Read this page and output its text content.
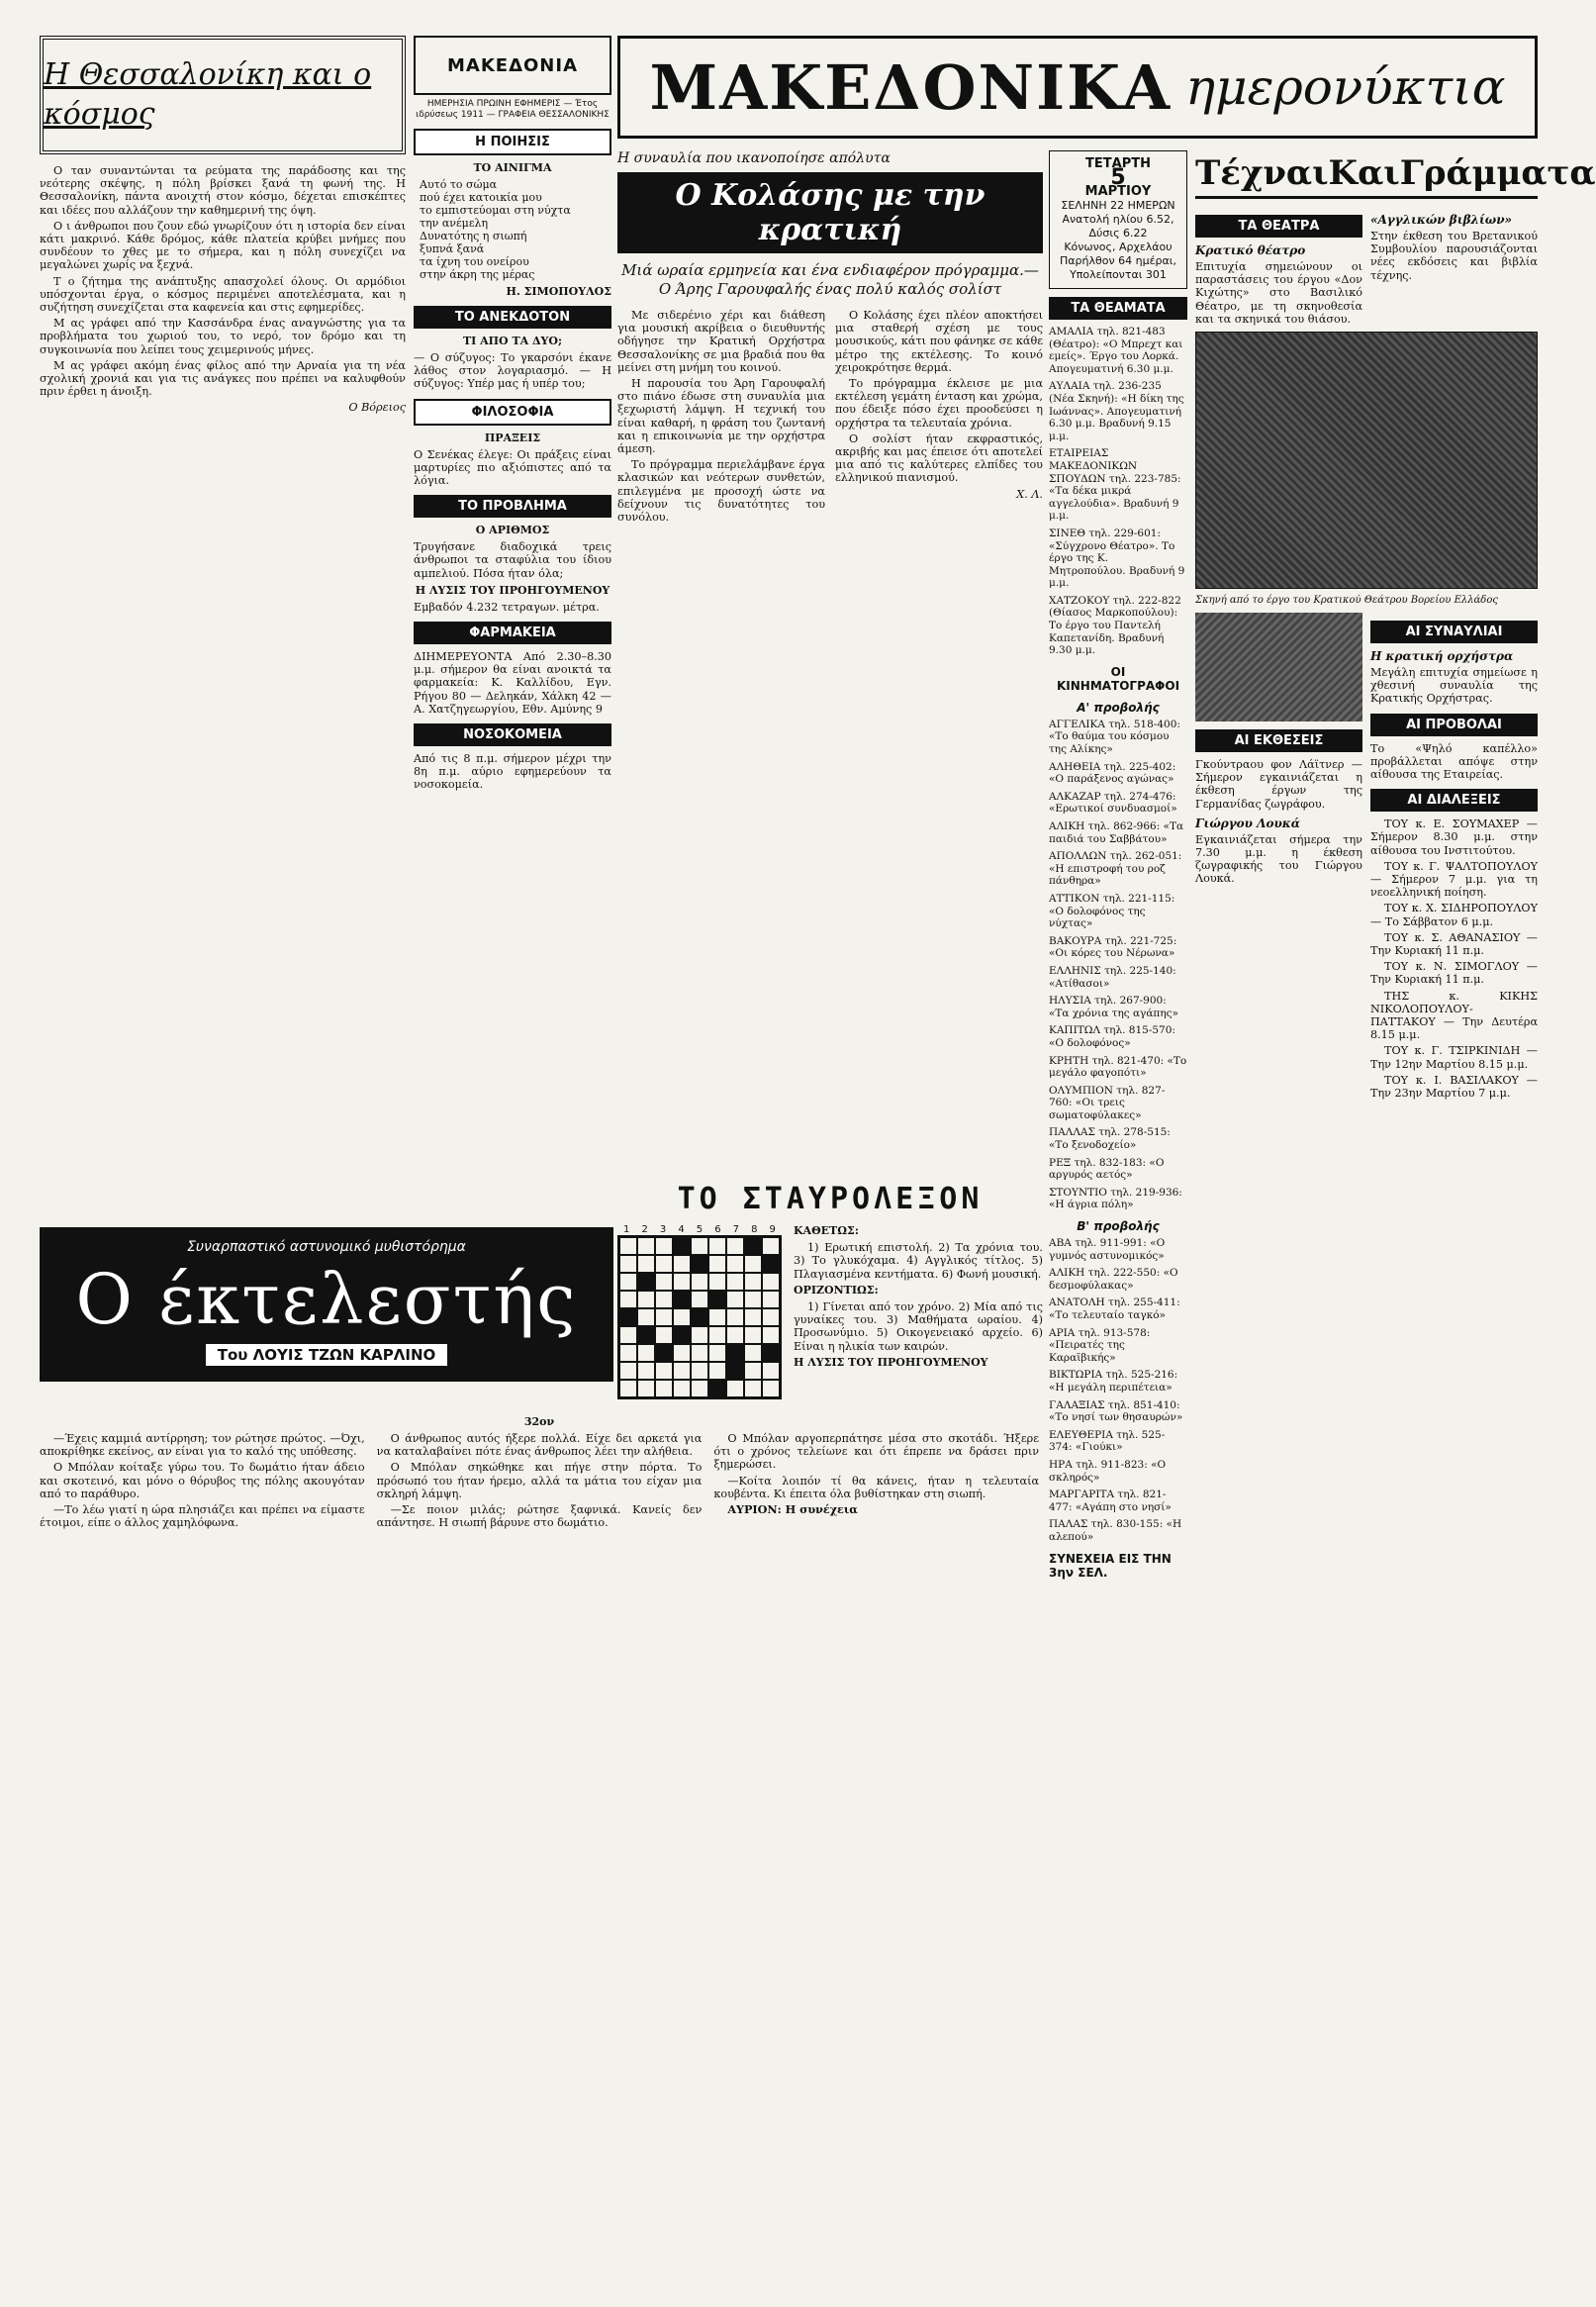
Η Θεσσαλονίκη και ο κόσμος

Ο ταν συναντώνται τα ρεύματα της παράδοσης και της νεότερης σκέψης, η πόλη βρίσκει ξανά τη φωνή της. Η Θεσσαλονίκη, πάντα ανοιχτή στον κόσμο, δέχεται επισκέπτες και ιδέες που αλλάζουν την καθημερινή της όψη.

Ο ι άνθρωποι που ζουν εδώ γνωρίζουν ότι η ιστορία δεν είναι κάτι μακρινό. Κάθε δρόμος, κάθε πλατεία κρύβει μνήμες που συνδέουν το χθες με το σήμερα, και η πόλη συνεχίζει να μεγαλώνει χωρίς να ξεχνά.

Τ ο ζήτημα της ανάπτυξης απασχολεί όλους. Οι αρμόδιοι υπόσχονται έργα, ο κόσμος περιμένει αποτελέσματα, και η συζήτηση συνεχίζεται στα καφενεία και στις εφημερίδες.

Μ ας γράφει από την Κασσάνδρα ένας αναγνώστης για τα προβλήματα του χωριού του, το νερό, τον δρόμο και τη συγκοινωνία που λείπει τους χειμερινούς μήνες.

Μ ας γράφει ακόμη ένας φίλος από την Αρναία για τη νέα σχολική χρονιά και για τις ανάγκες που πρέπει να καλυφθούν πριν έρθει η άνοιξη.

Ο Βόρειος

ΜΑΚΕΔΟΝΙΑ
ΗΜΕΡΗΣΙΑ ΠΡΩΙΝΗ ΕΦΗΜΕΡΙΣ — Έτος ιδρύσεως 1911 — ΓΡΑΦΕΙΑ ΘΕΣΣΑΛΟΝΙΚΗΣ
Η ΠΟΙΗΣΙΣ
ΤΟ ΑΙΝΙΓΜΑ
Αυτό το σώμα
πού έχει κατοικία μου
το εμπιστεύομαι στη νύχτα
την ανέμελη
Δυνατότης η σιωπή
ξυπνά ξανά
τα ίχνη του ονείρου
στην άκρη της μέρας
Η. ΣΙΜΟΠΟΥΛΟΣ
ΤΟ ΑΝΕΚΔΟΤΟΝ
ΤΙ ΑΠΟ ΤΑ ΔΥΟ;
— Ο σύζυγος: Το γκαρσόνι έκανε λάθος στον λογαριασμό. — Η σύζυγος: Υπέρ μας ή υπέρ του;
ΦΙΛΟΣΟΦΙΑ
ΠΡΑΞΕΙΣ
Ο Σενέκας έλεγε: Οι πράξεις είναι μαρτυρίες πιο αξιόπιστες από τα λόγια.
ΤΟ ΠΡΟΒΛΗΜΑ
Ο ΑΡΙΘΜΟΣ
Τρυγήσανε διαδοχικά τρεις άνθρωποι τα σταφύλια του ίδιου αμπελιού. Πόσα ήταν όλα;
Η ΛΥΣΙΣ ΤΟΥ ΠΡΟΗΓΟΥΜΕΝΟΥ
Εμβαδόν 4.232 τετραγων. μέτρα.
ΦΑΡΜΑΚΕΙΑ
ΔΙΗΜΕΡΕΥΟΝΤΑ Από 2.30–8.30 μ.μ. σήμερον θα είναι ανοικτά τα φαρμακεία: Κ. Καλλίδου, Εγν. Ρήγου 80 — Δεληκάν, Χάλκη 42 — Α. Χατζηγεωργίου, Εθν. Αμύνης 9
ΝΟΣΟΚΟΜΕΙΑ
Από τις 8 π.μ. σήμερον μέχρι την 8η π.μ. αύριο εφημερεύουν τα νοσοκομεία.
ΜΑΚΕΔΟΝΙΚΑ ημερονύκτια
Η συναυλία που ικανοποίησε απόλυτα
Ο Κολάσης με την κρατική
Μιά ωραία ερμηνεία και ένα ενδιαφέρον πρόγραμμα.— Ο Άρης Γαρουφαλής ένας πολύ καλός σολίστ

Με σιδερένιο χέρι και διάθεση για μουσική ακρίβεια ο διευθυντής οδήγησε την Κρατική Ορχήστρα Θεσσαλονίκης σε μια βραδιά που θα μείνει στη μνήμη του κοινού.

Η παρουσία του Άρη Γαρουφαλή στο πιάνο έδωσε στη συναυλία μια ξεχωριστή λάμψη. Η τεχνική του είναι καθαρή, η φράση του ζωντανή και η επικοινωνία με την ορχήστρα άμεση.

Το πρόγραμμα περιελάμβανε έργα κλασικών και νεότερων συνθετών, επιλεγμένα με προσοχή ώστε να δείχνουν τις δυνατότητες του συνόλου.

Ο Κολάσης έχει πλέον αποκτήσει μια σταθερή σχέση με τους μουσικούς, κάτι που φάνηκε σε κάθε μέτρο της εκτέλεσης. Το κοινό χειροκρότησε θερμά.

Το πρόγραμμα έκλεισε με μια εκτέλεση γεμάτη ένταση και χρώμα, που έδειξε πόσο έχει προοδεύσει η ορχήστρα τα τελευταία χρόνια.

Ο σολίστ ήταν εκφραστικός, ακριβής και μας έπεισε ότι αποτελεί μια από τις καλύτερες ελπίδες του ελληνικού πιανισμού.

Χ. Λ.

ΤΟ ΣΤΑΥΡΟΛΕΞΟΝ
1 2 3 4 5 6 7 8 9 ΚΑΘΕΤΩΣ:

1) Ερωτική επιστολή. 2) Τα χρόνια του. 3) Το γλυκόχαμα. 4) Αγγλικός τίτλος. 5) Πλαγιασμένα κεντήματα. 6) Φωνή μουσική.

ΟΡΙΖΟΝΤΙΩΣ:

1) Γίνεται από τον χρόνο. 2) Μία από τις γυναίκες του. 3) Μαθήματα ωραίου. 4) Προσωνύμιο. 5) Οικογενειακό αρχείο. 6) Είναι η ηλικία των καιρών.

Η ΛΥΣΙΣ ΤΟΥ ΠΡΟΗΓΟΥΜΕΝΟΥ
ΤΕΤΑΡΤΗ
5
ΜΑΡΤΙΟΥ
ΣΕΛΗΝΗ 22 ΗΜΕΡΩΝ
Ανατολή ηλίου 6.52, Δύσις 6.22
Κόνωνος, Αρχελάου
Παρήλθον 64 ημέραι, Υπολείπονται 301
ΤΑ ΘΕΑΜΑΤΑ

ΑΜΑΛΙΑ τηλ. 821-483 (Θέατρο): «Ο Μπρεχτ και εμείς». Έργο του Λορκά. Απογευματινή 6.30 μ.μ.

ΑΥΛΑΙΑ τηλ. 236-235 (Νέα Σκηνή): «Η δίκη της Ιωάννας». Απογευματινή 6.30 μ.μ. Βραδυνή 9.15 μ.μ.

ΕΤΑΙΡΕΙΑΣ ΜΑΚΕΔΟΝΙΚΩΝ ΣΠΟΥΔΩΝ τηλ. 223-785: «Τα δέκα μικρά αγγελούδια». Βραδυνή 9 μ.μ.

ΣΙΝΕΘ τηλ. 229-601: «Σύγχρονο Θέατρο». Το έργο της Κ. Μητροπούλου. Βραδυνή 9 μ.μ.

ΧΑΤΖΟΚΟΥ τηλ. 222-822 (Θίασος Μαρκοπούλου): Το έργο του Παντελή Καπετανίδη. Βραδυνή 9.30 μ.μ.

ΟΙ ΚΙΝΗΜΑΤΟΓΡΑΦΟΙ
Α' προβολής

ΑΓΓΕΛΙΚΑ τηλ. 518-400: «Το θαύμα του κόσμου της Αλίκης»

ΑΛΗΘΕΙΑ τηλ. 225-402: «Ο παράξενος αγώνας»

ΑΛΚΑΖΑΡ τηλ. 274-476: «Ερωτικοί συνδυασμοί»

ΑΛΙΚΗ τηλ. 862-966: «Τα παιδιά του Σαββάτου»

ΑΠΟΛΛΩΝ τηλ. 262-051: «Η επιστροφή του ροζ πάνθηρα»

ΑΤΤΙΚΟΝ τηλ. 221-115: «Ο δολοφόνος της νύχτας»

ΒΑΚΟΥΡΑ τηλ. 221-725: «Οι κόρες του Νέρωνα»

ΕΛΛΗΝΙΣ τηλ. 225-140: «Ατίθασοι»

ΗΛΥΣΙΑ τηλ. 267-900: «Τα χρόνια της αγάπης»

ΚΑΠΙΤΩΛ τηλ. 815-570: «Ο δολοφόνος»

ΚΡΗΤΗ τηλ. 821-470: «Το μεγάλο φαγοπότι»

ΟΛΥΜΠΙΟΝ τηλ. 827-760: «Οι τρεις σωματοφύλακες»

ΠΑΛΛΑΣ τηλ. 278-515: «Το ξενοδοχείο»

ΡΕΞ τηλ. 832-183: «Ο αργυρός αετός»

ΣΤΟΥΝΤΙΟ τηλ. 219-936: «Η άγρια πόλη»

Β' προβολής

ΑΒΑ τηλ. 911-991: «Ο γυμνός αστυνομικός»

ΑΛΙΚΗ τηλ. 222-550: «Ο δεσμοφύλακας»

ΑΝΑΤΟΛΗ τηλ. 255-411: «Το τελευταίο ταγκό»

ΑΡΙΑ τηλ. 913-578: «Πειρατές της Καραϊβικής»

ΒΙΚΤΩΡΙΑ τηλ. 525-216: «Η μεγάλη περιπέτεια»

ΓΑΛΑΞΙΑΣ τηλ. 851-410: «Το νησί των θησαυρών»

ΕΛΕΥΘΕΡΙΑ τηλ. 525-374: «Γιούκι»

ΗΡΑ τηλ. 911-823: «Ο σκληρός»

ΜΑΡΓΑΡΙΤΑ τηλ. 821-477: «Αγάπη στο νησί»

ΠΑΛΑΣ τηλ. 830-155: «Η αλεπού»

ΣΥΝΕΧΕΙΑ ΕΙΣ ΤΗΝ 3ην ΣΕΛ.
ΤέχναιΚαιΓράμματα
ΤΑ ΘΕΑΤΡΑ
Κρατικό θέατρο
Επιτυχία σημειώνουν οι παραστάσεις του έργου «Δον Κιχώτης» στο Βασιλικό Θέατρο, με τη σκηνοθεσία και τα σκηνικά του θιάσου.
«Αγγλικών βιβλίων»
Στην έκθεση του Βρετανικού Συμβουλίου παρουσιάζονται νέες εκδόσεις και βιβλία τέχνης.
Σκηνή από το έργο του Κρατικού Θεάτρου Βορείου Ελλάδος
ΑΙ ΕΚΘΕΣΕΙΣ
Γκούντραου φον Λάϊτνερ — Σήμερον εγκαινιάζεται η έκθεση έργων της Γερμανίδας ζωγράφου.
Γιώργου Λουκά
Εγκαινιάζεται σήμερα την 7.30 μ.μ. η έκθεση ζωγραφικής του Γιώργου Λουκά.
ΑΙ ΣΥΝΑΥΛΙΑΙ
Η κρατική ορχήστρα
Μεγάλη επιτυχία σημείωσε η χθεσινή συναυλία της Κρατικής Ορχήστρας.
ΑΙ ΠΡΟΒΟΛΑΙ
Το «Ψηλό καπέλλο» προβάλλεται απόψε στην αίθουσα της Εταιρείας.
ΑΙ ΔΙΑΛΕΞΕΙΣ

ΤΟΥ κ. Ε. ΣΟΥΜΑΧΕΡ — Σήμερον 8.30 μ.μ. στην αίθουσα του Ινστιτούτου.

ΤΟΥ κ. Γ. ΨΑΛΤΟΠΟΥΛΟΥ — Σήμερον 7 μ.μ. για τη νεοελληνική ποίηση.

ΤΟΥ κ. Χ. ΣΙΔΗΡΟΠΟΥΛΟΥ — Το Σάββατον 6 μ.μ.

ΤΟΥ κ. Σ. ΑΘΑΝΑΣΙΟΥ — Την Κυριακή 11 π.μ.

ΤΟΥ κ. Ν. ΣΙΜΟΓΛΟΥ — Την Κυριακή 11 π.μ.

ΤΗΣ κ. ΚΙΚΗΣ ΝΙΚΟΛΟΠΟΥΛΟΥ-ΠΑΤΤΑΚΟΥ — Την Δευτέρα 8.15 μ.μ.

ΤΟΥ κ. Γ. ΤΣΙΡΚΙΝΙΔΗ — Την 12ην Μαρτίου 8.15 μ.μ.

ΤΟΥ κ. Ι. ΒΑΣΙΛΑΚΟΥ — Την 23ην Μαρτίου 7 μ.μ.

Συναρπαστικό αστυνομικό μυθιστόρημα
Ο έκτελεστής
Του ΛΟΥΙΣ ΤΖΩΝ ΚΑΡΛΙΝΟ
32ον

—Έχεις καμμιά αντίρρηση; τον ρώτησε πρώτος. —Όχι, αποκρίθηκε εκείνος, αν είναι για το καλό της υπόθεσης.

Ο Μπόλαν κοίταξε γύρω του. Το δωμάτιο ήταν άδειο και σκοτεινό, και μόνο ο θόρυβος της πόλης ακουγόταν από το παράθυρο.

—Το λέω γιατί η ώρα πλησιάζει και πρέπει να είμαστε έτοιμοι, είπε ο άλλος χαμηλόφωνα.

Ο άνθρωπος αυτός ήξερε πολλά. Είχε δει αρκετά για να καταλαβαίνει πότε ένας άνθρωπος λέει την αλήθεια.

Ο Μπόλαν σηκώθηκε και πήγε στην πόρτα. Το πρόσωπό του ήταν ήρεμο, αλλά τα μάτια του είχαν μια σκληρή λάμψη.

—Σε ποιον μιλάς; ρώτησε ξαφνικά. Κανείς δεν απάντησε. Η σιωπή βάρυνε στο δωμάτιο.

Ο Μπόλαν αργοπερπάτησε μέσα στο σκοτάδι. Ήξερε ότι ο χρόνος τελείωνε και ότι έπρεπε να δράσει πριν ξημερώσει.

—Κοίτα λοιπόν τί θα κάνεις, ήταν η τελευταία κουβέντα. Κι έπειτα όλα βυθίστηκαν στη σιωπή.

ΑΥΡΙΟΝ: Η συνέχεια
